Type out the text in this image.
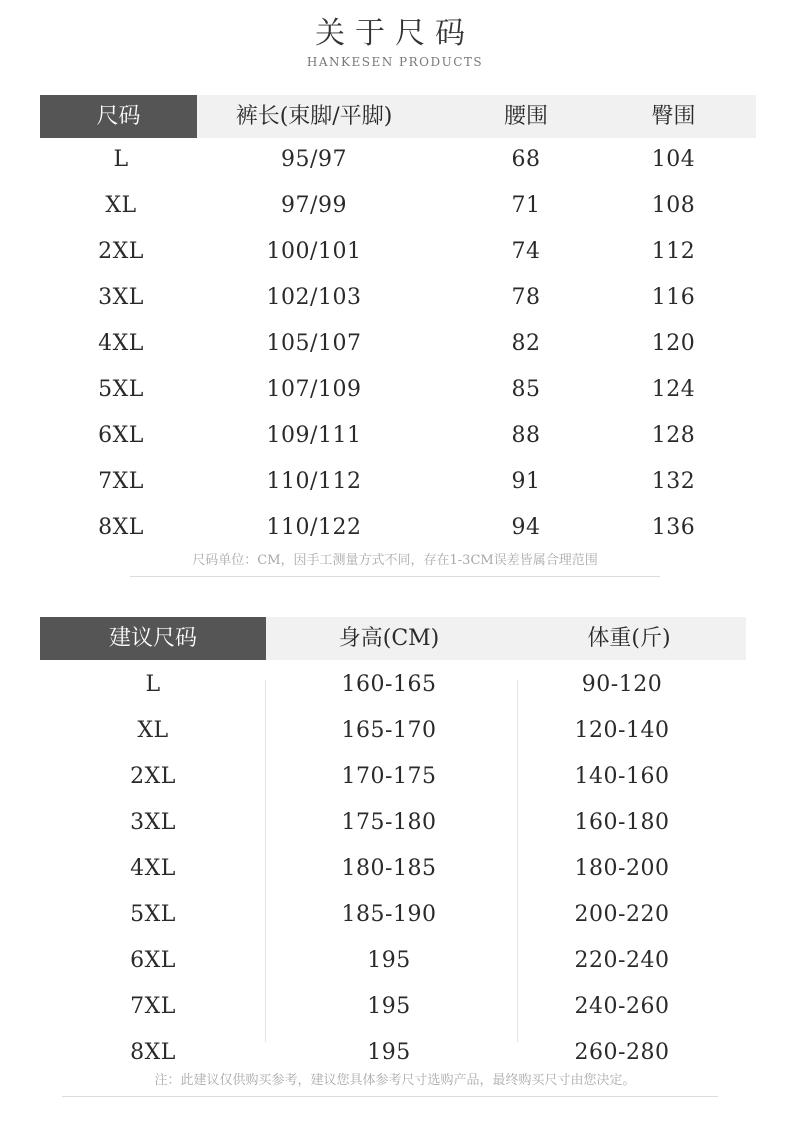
关于尺码
HANKESEN PRODUCTS
尺码	裤长(束脚/平脚)	腰围	臀围
L	95/97	68	104
XL	97/99	71	108
2XL	100/101	74	112
3XL	102/103	78	116
4XL	105/107	82	120
5XL	107/109	85	124
6XL	109/111	88	128
7XL	110/112	91	132
8XL	110/122	94	136
尺码单位：CM，因手工测量方式不同，存在1-3CM误差皆属合理范围
建议尺码	身高(CM)	体重(斤)
L	160-165	90-120
XL	165-170	120-140
2XL	170-175	140-160
3XL	175-180	160-180
4XL	180-185	180-200
5XL	185-190	200-220
6XL	195	220-240
7XL	195	240-260
8XL	195	260-280
注：此建议仅供购买参考，建议您具体参考尺寸选购产品，最终购买尺寸由您决定。
